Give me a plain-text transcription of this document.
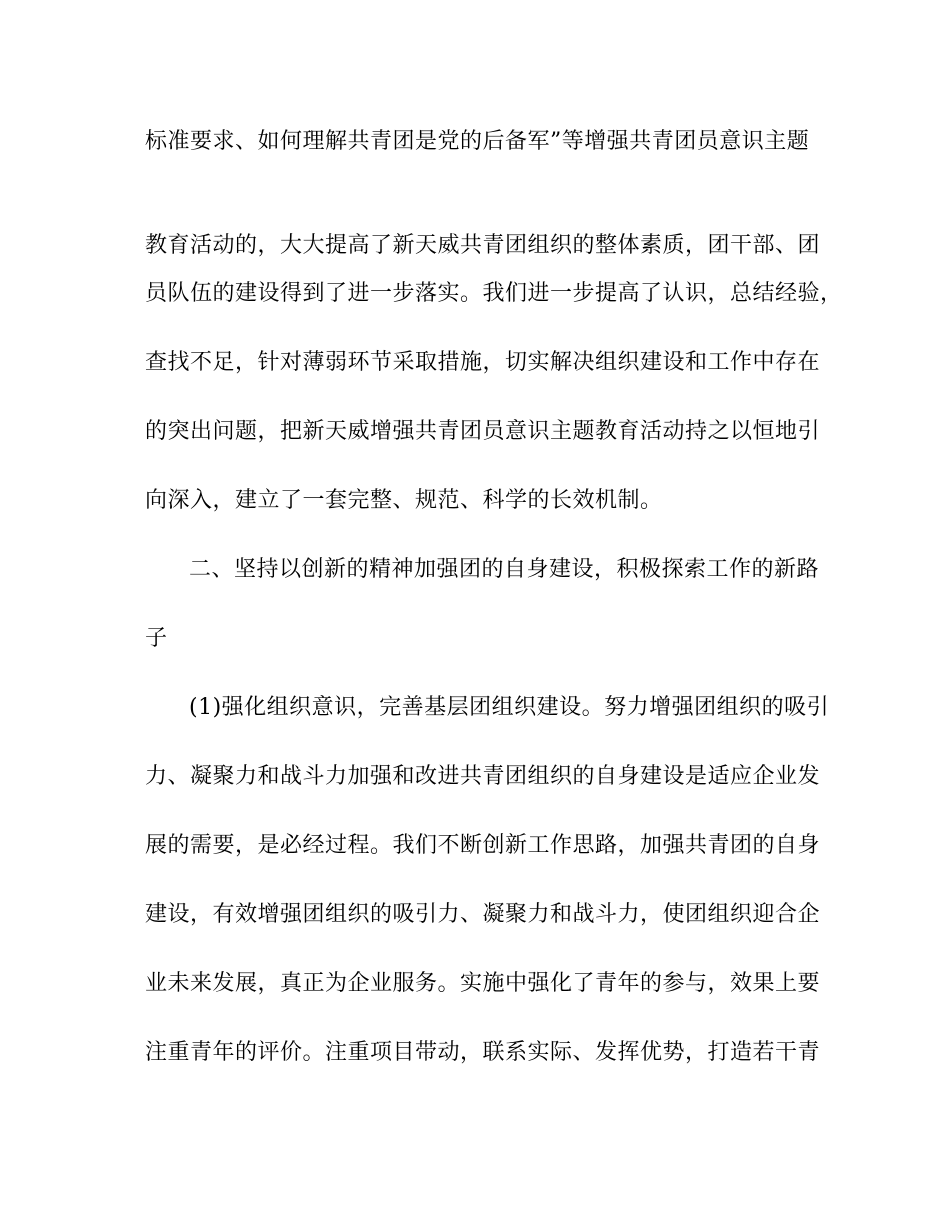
标准要求、如何理解共青团是党的后备军”等增强共青团员意识主题
教育活动的，大大提高了新天威共青团组织的整体素质，团干部、团
员队伍的建设得到了进一步落实。我们进一步提高了认识，总结经验，
查找不足，针对薄弱环节采取措施，切实解决组织建设和工作中存在
的突出问题，把新天威增强共青团员意识主题教育活动持之以恒地引
向深入，建立了一套完整、规范、科学的长效机制。
二、坚持以创新的精神加强团的自身建设，积极探索工作的新路
子
(1)强化组织意识，完善基层团组织建设。努力增强团组织的吸引
力、凝聚力和战斗力加强和改进共青团组织的自身建设是适应企业发
展的需要，是必经过程。我们不断创新工作思路，加强共青团的自身
建设，有效增强团组织的吸引力、凝聚力和战斗力，使团组织迎合企
业未来发展，真正为企业服务。实施中强化了青年的参与，效果上要
注重青年的评价。注重项目带动，联系实际、发挥优势，打造若干青
